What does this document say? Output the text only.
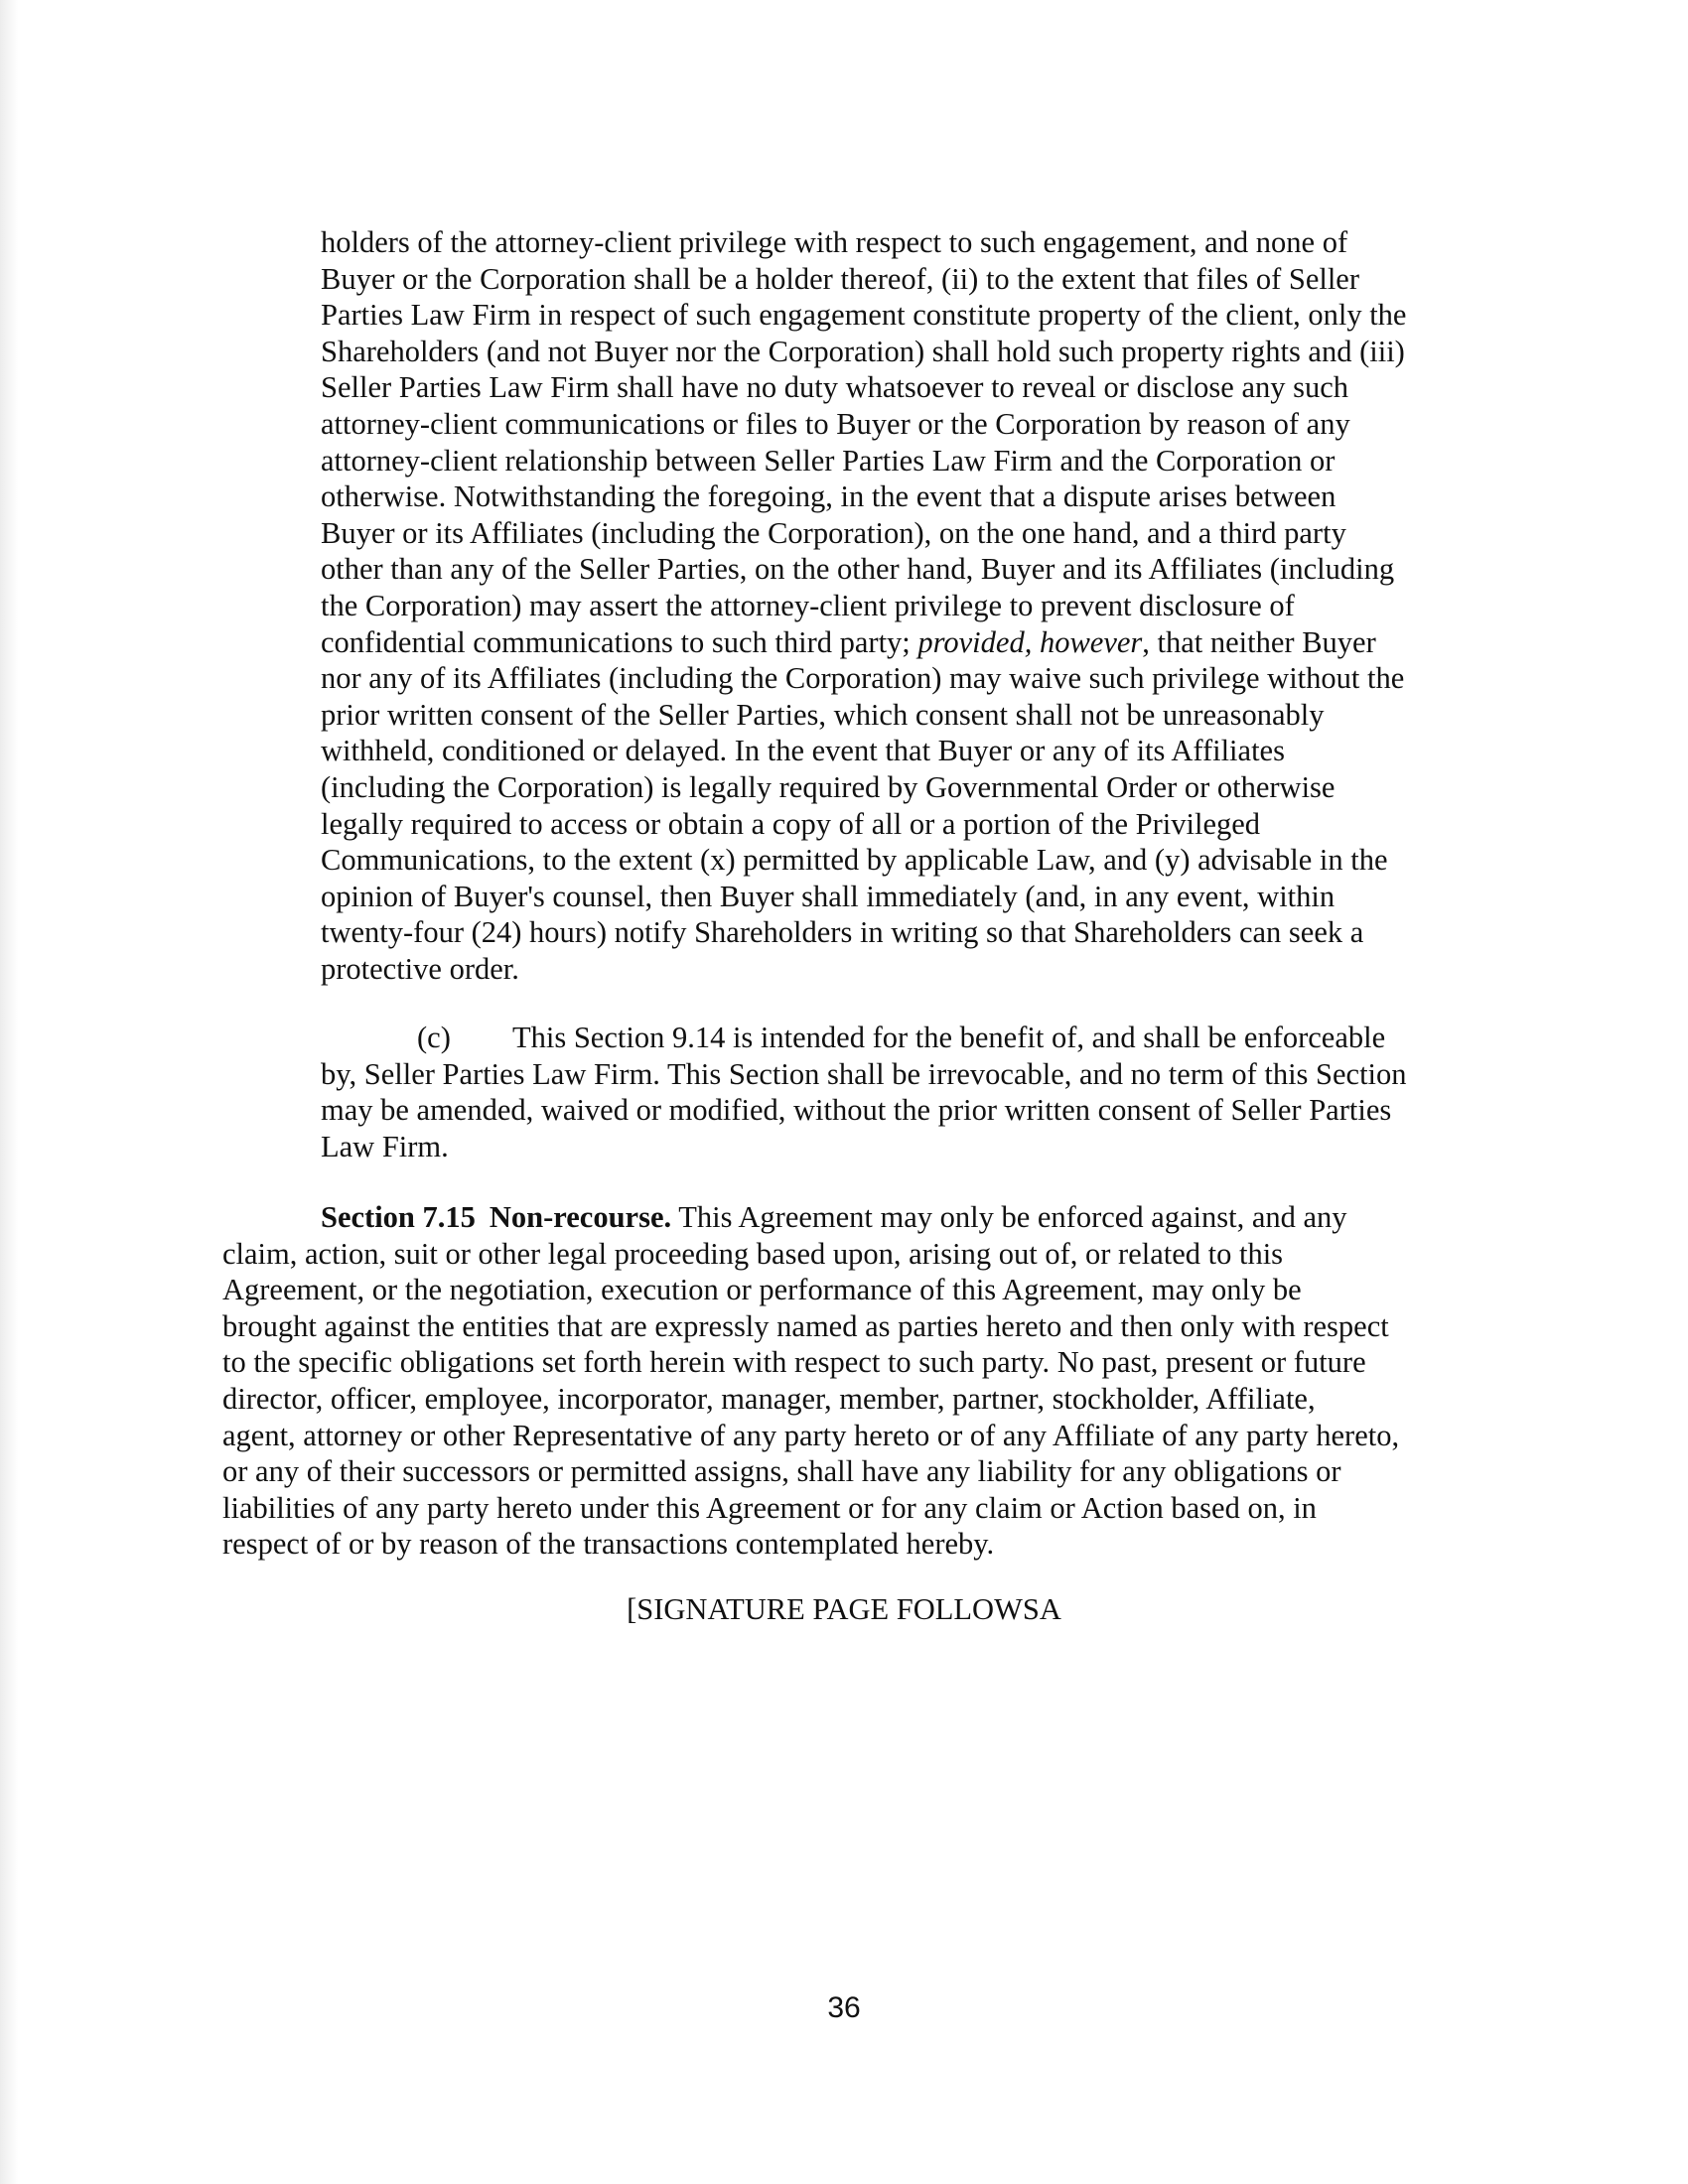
holders of the attorney-client privilege with respect to such engagement, and none of
Buyer or the Corporation shall be a holder thereof, (ii) to the extent that files of Seller
Parties Law Firm in respect of such engagement constitute property of the client, only the
Shareholders (and not Buyer nor the Corporation) shall hold such property rights and (iii)
Seller Parties Law Firm shall have no duty whatsoever to reveal or disclose any such
attorney-client communications or files to Buyer or the Corporation by reason of any
attorney-client relationship between Seller Parties Law Firm and the Corporation or
otherwise. Notwithstanding the foregoing, in the event that a dispute arises between
Buyer or its Affiliates (including the Corporation), on the one hand, and a third party
other than any of the Seller Parties, on the other hand, Buyer and its Affiliates (including
the Corporation) may assert the attorney-client privilege to prevent disclosure of
confidential communications to such third party; provided, however, that neither Buyer
nor any of its Affiliates (including the Corporation) may waive such privilege without the
prior written consent of the Seller Parties, which consent shall not be unreasonably
withheld, conditioned or delayed. In the event that Buyer or any of its Affiliates
(including the Corporation) is legally required by Governmental Order or otherwise
legally required to access or obtain a copy of all or a portion of the Privileged
Communications, to the extent (x) permitted by applicable Law, and (y) advisable in the
opinion of Buyer's counsel, then Buyer shall immediately (and, in any event, within
twenty-four (24) hours) notify Shareholders in writing so that Shareholders can seek a
protective order.
(c) This Section 9.14 is intended for the benefit of, and shall be enforceable
by, Seller Parties Law Firm. This Section shall be irrevocable, and no term of this Section
may be amended, waived or modified, without the prior written consent of Seller Parties
Law Firm.
Section 7.15 Non-recourse. This Agreement may only be enforced against, and any
claim, action, suit or other legal proceeding based upon, arising out of, or related to this
Agreement, or the negotiation, execution or performance of this Agreement, may only be
brought against the entities that are expressly named as parties hereto and then only with respect
to the specific obligations set forth herein with respect to such party. No past, present or future
director, officer, employee, incorporator, manager, member, partner, stockholder, Affiliate,
agent, attorney or other Representative of any party hereto or of any Affiliate of any party hereto,
or any of their successors or permitted assigns, shall have any liability for any obligations or
liabilities of any party hereto under this Agreement or for any claim or Action based on, in
respect of or by reason of the transactions contemplated hereby.
[SIGNATURE PAGE FOLLOWSA
36
